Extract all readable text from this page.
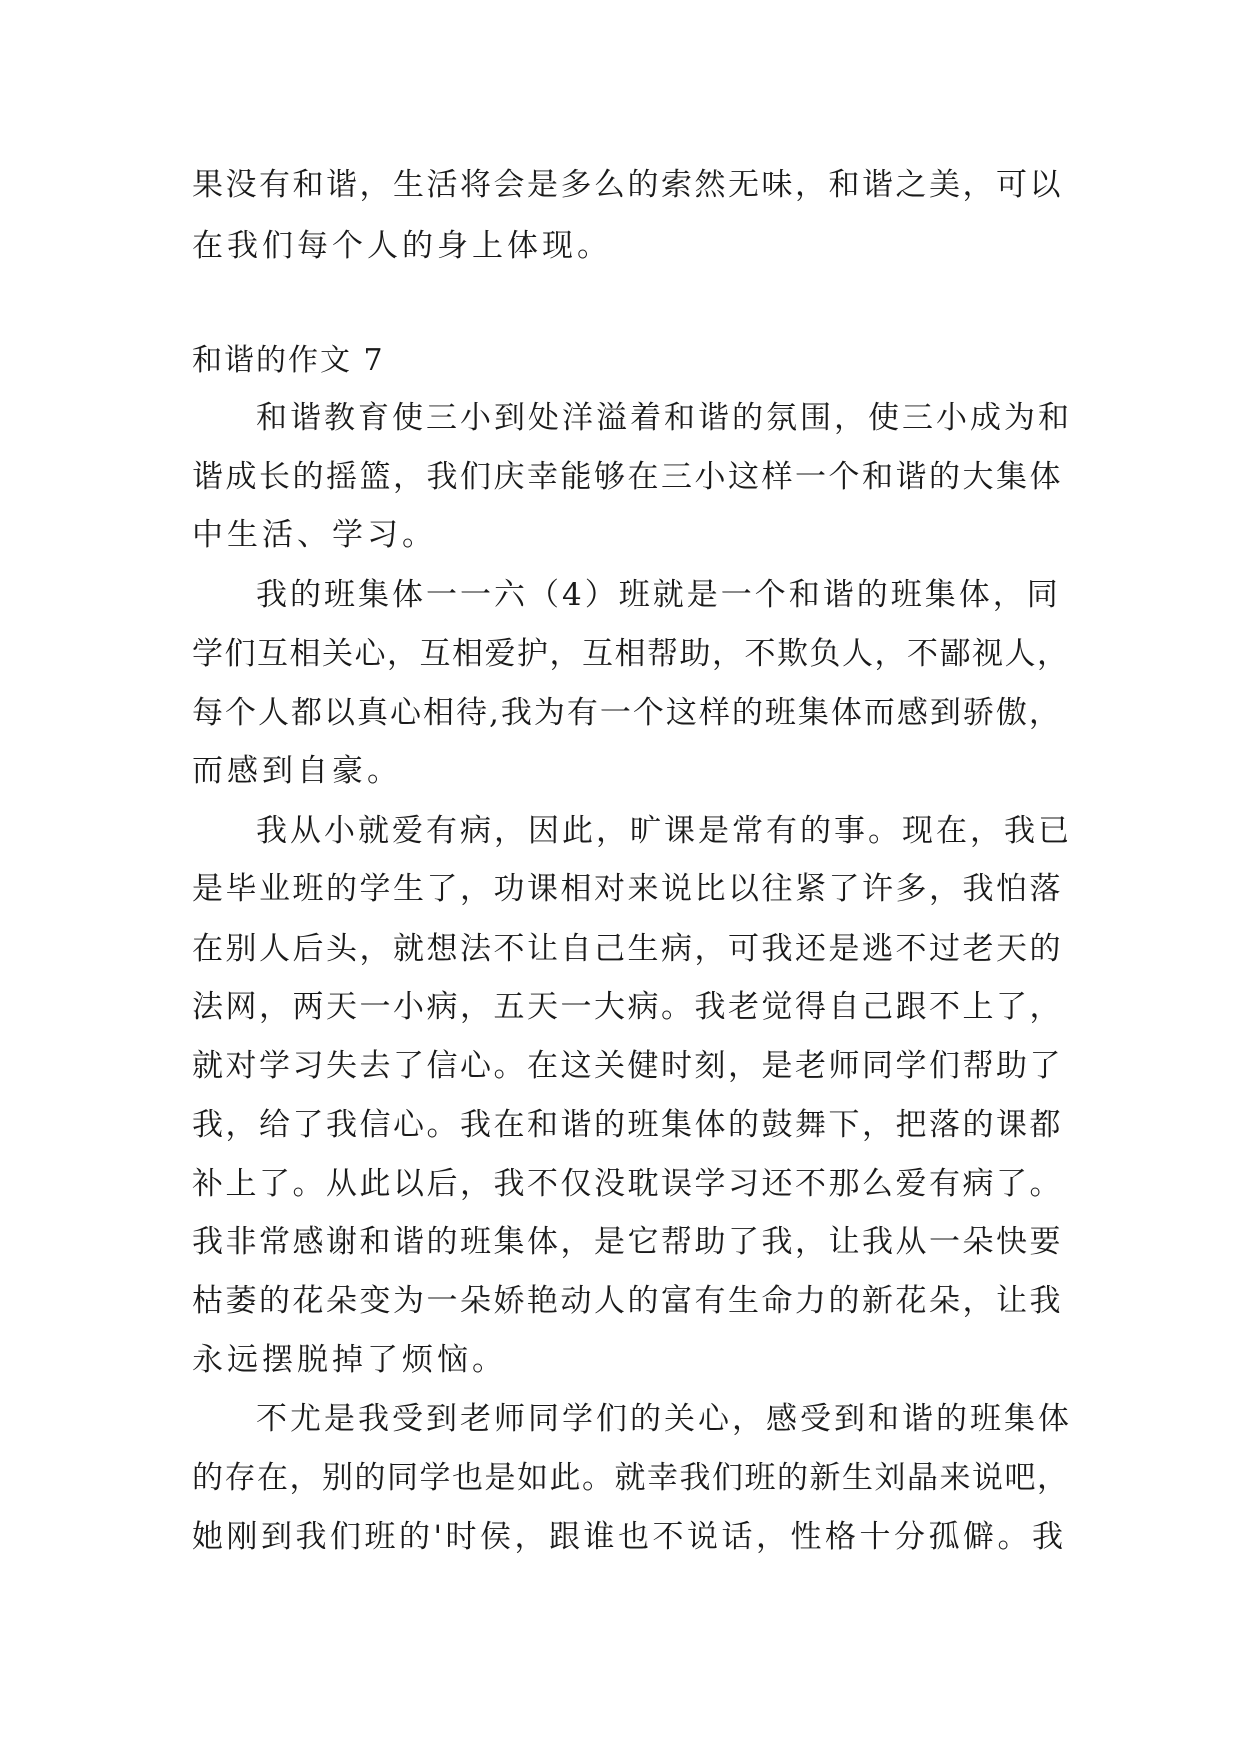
果没有和谐，生活将会是多么的索然无味，和谐之美，可以
在我们每个人的身上体现。
和谐的作文 7
和谐教育使三小到处洋溢着和谐的氛围，使三小成为和
谐成长的摇篮，我们庆幸能够在三小这样一个和谐的大集体
中生活、学习。
我的班集体一一六（4）班就是一个和谐的班集体，同
学们互相关心，互相爱护，互相帮助，不欺负人，不鄙视人，
每个人都以真心相待,我为有一个这样的班集体而感到骄傲，
而感到自豪。
我从小就爱有病，因此，旷课是常有的事。现在，我已
是毕业班的学生了，功课相对来说比以往紧了许多，我怕落
在别人后头，就想法不让自己生病，可我还是逃不过老天的
法网，两天一小病，五天一大病。我老觉得自己跟不上了，
就对学习失去了信心。在这关健时刻，是老师同学们帮助了
我，给了我信心。我在和谐的班集体的鼓舞下，把落的课都
补上了。从此以后，我不仅没耽误学习还不那么爱有病了。
我非常感谢和谐的班集体，是它帮助了我，让我从一朵快要
枯萎的花朵变为一朵娇艳动人的富有生命力的新花朵，让我
永远摆脱掉了烦恼。
不尤是我受到老师同学们的关心，感受到和谐的班集体
的存在，别的同学也是如此。就幸我们班的新生刘晶来说吧，
她刚到我们班的'时侯，跟谁也不说话，性格十分孤僻。我
